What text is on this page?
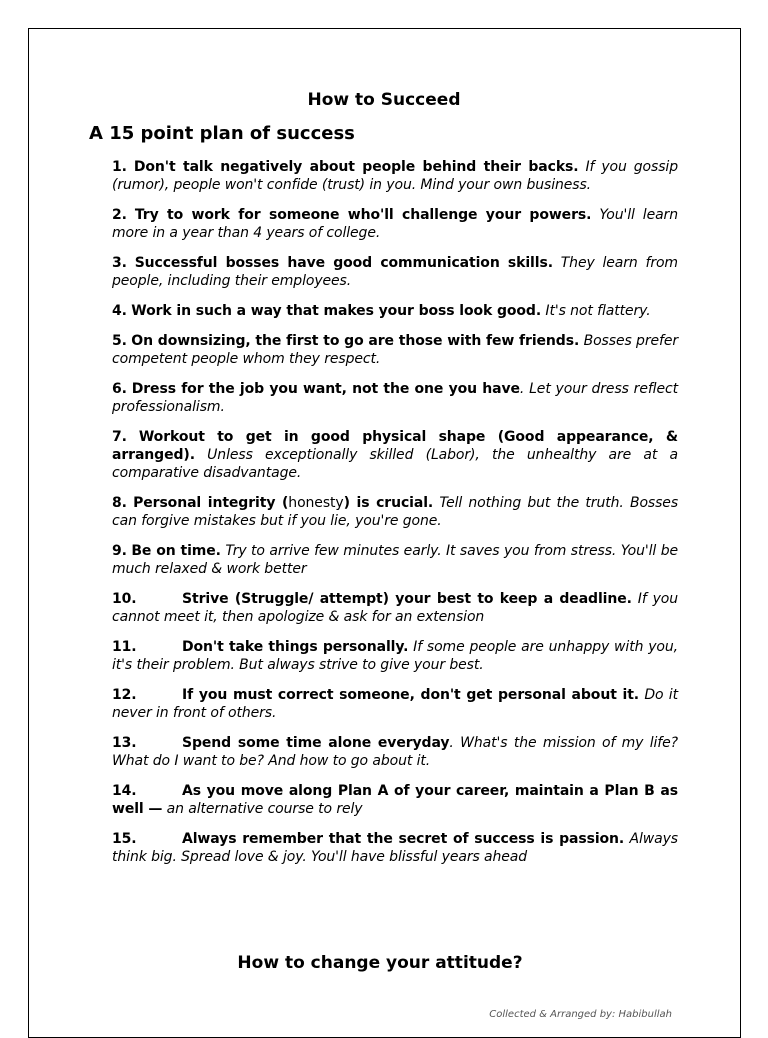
How to Succeed
A 15 point plan of success
1. Don't talk negatively about people behind their backs. If you gossip (rumor), people won't confide (trust) in you. Mind your own business.
2. Try to work for someone who'll challenge your powers. You'll learn more in a year than 4 years of college.
3. Successful bosses have good communication skills. They learn from people, including their employees.
4. Work in such a way that makes your boss look good. It's not flattery.
5. On downsizing, the first to go are those with few friends. Bosses prefer competent people whom they respect.
6. Dress for the job you want, not the one you have. Let your dress reflect professionalism.
7. Workout to get in good physical shape (Good appearance, & arranged). Unless exceptionally skilled (Labor), the unhealthy are at a comparative disadvantage.
8. Personal integrity (honesty) is crucial. Tell nothing but the truth. Bosses can forgive mistakes but if you lie, you're gone.
9. Be on time. Try to arrive few minutes early. It saves you from stress. You'll be much relaxed & work better
10.	Strive (Struggle/ attempt) your best to keep a deadline. If you cannot meet it, then apologize & ask for an extension
11.	Don't take things personally. If some people are unhappy with you, it's their problem. But always strive to give your best.
12.	If you must correct someone, don't get personal about it. Do it never in front of others.
13.	Spend some time alone everyday. What's the mission of my life? What do I want to be? And how to go about it.
14.	As you move along Plan A of your career, maintain a Plan B as well — an alternative course to rely
15.	Always remember that the secret of success is passion. Always think big. Spread love & joy. You'll have blissful years ahead
How to change your attitude?

Collected & Arranged by: Habibullah
